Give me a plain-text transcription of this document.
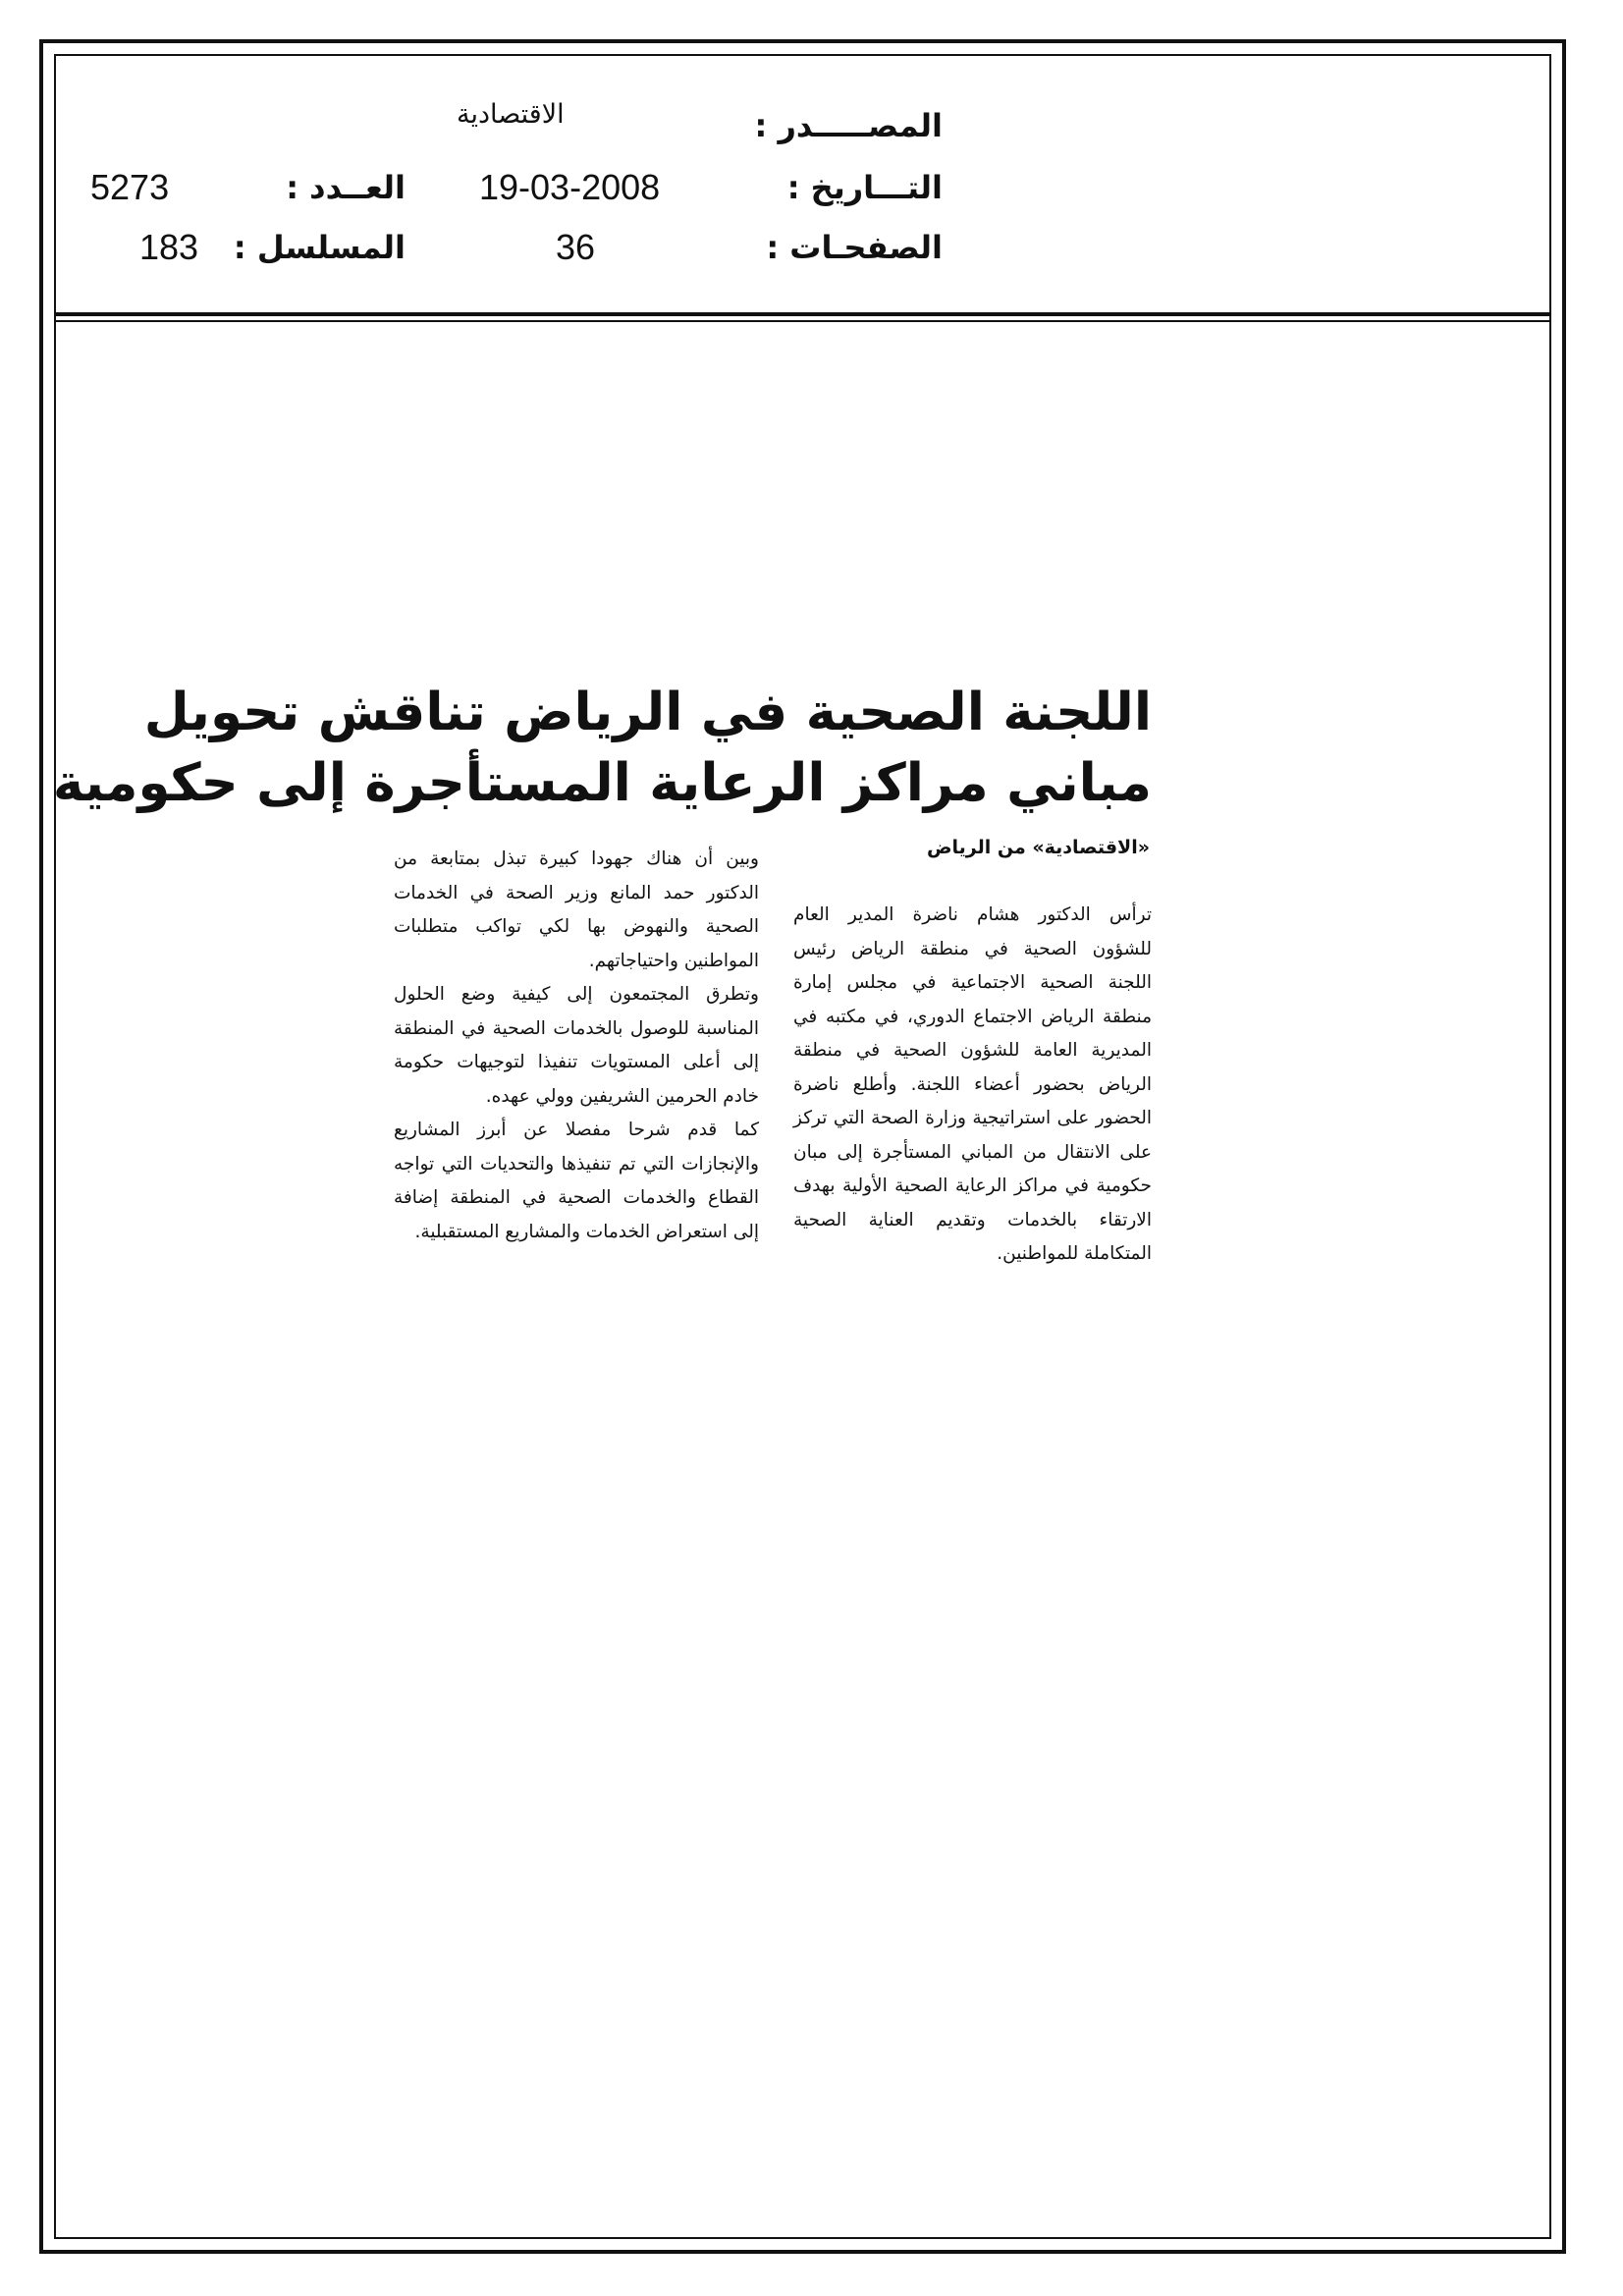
المصـــــدر :
الاقتصادية
التـــاريخ :
19-03-2008
العــدد :
5273
الصفحـات :
36
المسلسل :
183
اللجنة الصحية في الرياض تناقش تحويل
مباني مراكز الرعاية المستأجرة إلى حكومية
«الاقتصادية» من الرياض

ترأس الدكتور هشام ناضرة المدير العام للشؤون الصحية في منطقة الرياض رئيس اللجنة الصحية الاجتماعية في مجلس إمارة منطقة الرياض الاجتماع الدوري، في مكتبه في المديرية العامة للشؤون الصحية في منطقة الرياض بحضور أعضاء اللجنة. وأطلع ناضرة الحضور على استراتيجية وزارة الصحة التي تركز على الانتقال من المباني المستأجرة إلى مبان حكومية في مراكز الرعاية الصحية الأولية بهدف الارتقاء بالخدمات وتقديم العناية الصحية المتكاملة للمواطنين.

وبين أن هناك جهودا كبيرة تبذل بمتابعة من الدكتور حمد المانع وزير الصحة في الخدمات الصحية والنهوض بها لكي تواكب متطلبات المواطنين واحتياجاتهم.

وتطرق المجتمعون إلى كيفية وضع الحلول المناسبة للوصول بالخدمات الصحية في المنطقة إلى أعلى المستويات تنفيذا لتوجيهات حكومة خادم الحرمين الشريفين وولي عهده.

كما قدم شرحا مفصلا عن أبرز المشاريع والإنجازات التي تم تنفيذها والتحديات التي تواجه القطاع والخدمات الصحية في المنطقة إضافة إلى استعراض الخدمات والمشاريع المستقبلية.
